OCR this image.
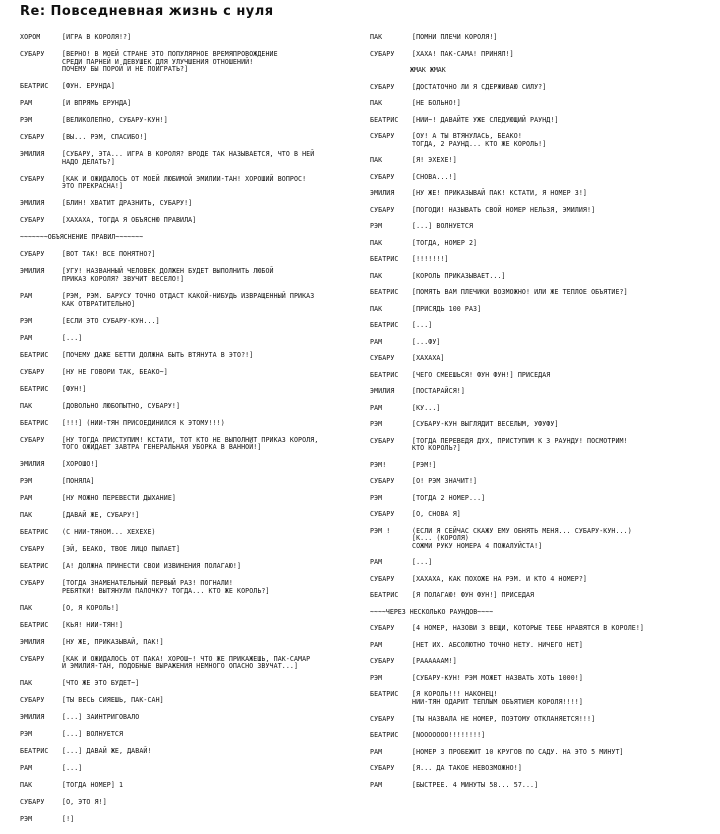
Re: Повседневная жизнь с нуля
ХОРОМ	[ИГРА В КОРОЛЯ!?]
СУБАРУ	[ВЕРНО! В МОЕЙ СТРАНЕ ЭТО ПОПУЛЯРНОЕ ВРЕМЯПРОВОЖДЕНИЕ
СРЕДИ ПАРНЕЙ И ДЕВУШЕК ДЛЯ УЛУЧШЕНИЯ ОТНОШЕНИЙ!
ПОЧЕМУ БЫ ПОРОЙ И НЕ ПОИГРАТЬ?]
БЕАТРИС [ФУН. ЕРУНДА]
РАМ	[И ВПРЯМЬ ЕРУНДА]
РЭМ	[ВЕЛИКОЛЕПНО, СУБАРУ-КУН!]
СУБАРУ	[ВЫ... РЭМ, СПАСИБО!]
ЭМИЛИЯ	[СУБАРУ, ЭТА... ИГРА В КОРОЛЯ? ВРОДЕ ТАК НАЗЫВАЕТСЯ, ЧТО В НЕЙ
НАДО ДЕЛАТЬ?]
СУБАРУ	[КАК И ОЖИДАЛОСЬ ОТ МОЕЙ ЛЮБИМОЙ ЭМИЛИИ-ТАН! ХОРОШИЙ ВОПРОС!
ЭТО ПРЕКРАСНА!]
ЭМИЛИЯ	[БЛИН! ХВАТИТ ДРАЗНИТЬ, СУБАРУ!]
СУБАРУ	[ХАХАХА, ТОГДА Я ОБЪЯСНЮ ПРАВИЛА]
~~~~~~~ОБЪЯСНЕНИЕ ПРАВИЛ~~~~~~~
СУБАРУ	[ВОТ ТАК! ВСЕ ПОНЯТНО?]
ЭМИЛИЯ	[УГУ! НАЗВАННЫЙ ЧЕЛОВЕК ДОЛЖЕН БУДЕТ ВЫПОЛНИТЬ ЛЮБОЙ
ПРИКАЗ КОРОЛЯ? ЗВУЧИТ ВЕСЕЛО!]
РАМ	[РЭМ, РЭМ. БАРУСУ ТОЧНО ОТДАСТ КАКОЙ-НИБУДЬ ИЗВРАЩЕННЫЙ ПРИКАЗ
КАК ОТВРАТИТЕЛЬНО]
РЭМ	[ЕСЛИ ЭТО СУБАРУ-КУН...]
РАМ	[...]
БЕАТРИС [ПОЧЕМУ ДАЖЕ БЕТТИ ДОЛЖНА БЫТЬ ВТЯНУТА В ЭТО?!]
СУБАРУ	[НУ НЕ ГОВОРИ ТАК, БЕАКО~]
БЕАТРИС [ФУН!]
ПАК	[ДОВОЛЬНО ЛЮБОПЫТНО, СУБАРУ!]
БЕАТРИС [!!!] (НИИ-ТЯН ПРИСОЕДИНИЛСЯ К ЭТОМУ!!!)
СУБАРУ	[НУ ТОГДА ПРИСТУПИМ! КСТАТИ, ТОТ КТО НЕ ВЫПОЛНИТ ПРИКАЗ КОРОЛЯ,
ТОГО ОЖИДАЕТ ЗАВТРА ГЕНЕРАЛЬНАЯ УБОРКА В ВАННОЙ!]
ЭМИЛИЯ	[ХОРОШО!]
РЭМ	[ПОНЯЛА]
РАМ	[НУ МОЖНО ПЕРЕВЕСТИ ДЫХАНИЕ]
ПАК	[ДАВАЙ ЖЕ, СУБАРУ!]
БЕАТРИС (С НИИ-ТЯНОМ... ХЕХЕХЕ)
СУБАРУ	[ЭЙ, БЕАКО, ТВОЕ ЛИЦО ПЫЛАЕТ]
БЕАТРИС [А! ДОЛЖНА ПРИНЕСТИ СВОИ ИЗВИНЕНИЯ ПОЛАГАЮ!]
СУБАРУ	[ТОГДА ЗНАМЕНАТЕЛЬНЫЙ ПЕРВЫЙ РАЗ! ПОГНАЛИ!
РЕБЯТКИ! ВЫТЯНУЛИ ПАЛОЧКУ? ТОГДА... КТО ЖЕ КОРОЛЬ?]
ПАК	[О, Я КОРОЛЬ!]
БЕАТРИС [КЬЯ! НИИ-ТЯН!]
ЭМИЛИЯ	[НУ ЖЕ, ПРИКАЗЫВАЙ, ПАК!]
СУБАРУ	[КАК И ОЖИДАЛОСЬ ОТ ПАКА! ХОРОШ~! ЧТО ЖЕ ПРИКАЖЕШЬ, ПАК-САМАР
И ЭМИЛИЯ-ТАН, ПОДОБНЫЕ ВЫРАЖЕНИЯ НЕМНОГО ОПАСНО ЗВУЧАТ...]
ПАК	[ЧТО ЖЕ ЭТО БУДЕТ~]
СУБАРУ	[ТЫ ВЕСЬ СИЯЕШЬ, ПАК-САН]
ЭМИЛИЯ	[...] ЗАИНТРИГОВАЛО
РЭМ	[...] ВОЛНУЕТСЯ
БЕАТРИС [...] ДАВАЙ ЖЕ, ДАВАЙ!
РАМ	[...]
ПАК	[ТОГДА НОМЕР] 1
СУБАРУ	[О, ЭТО Я!]
РЭМ	[!]
ПАК	[ПОМНИ ПЛЕЧИ КОРОЛЯ!]
СУБАРУ	[ХАХА! ПАК-САМА! ПРИНЯЛ!]
ЖМАК ЖМАК
СУБАРУ	[ДОСТАТОЧНО ЛИ Я СДЕРЖИВАЮ СИЛУ?]
ПАК	[НЕ БОЛЬНО!]
БЕАТРИС [НИИ~! ДАВАЙТЕ УЖЕ СЛЕДУЮЩИЙ РАУНД!]
СУБАРУ	[ОУ! А ТЫ ВТЯНУЛАСЬ, БЕАКО!
ТОГДА, 2 РАУНД... КТО ЖЕ КОРОЛЬ!]
ПАК	[Я! ЭХЕХЕ!]
СУБАРУ	[СНОВА...!]
ЭМИЛИЯ	[НУ ЖЕ! ПРИКАЗЫВАЙ ПАК! КСТАТИ, Я НОМЕР 3!]
СУБАРУ	[ПОГОДИ! НАЗЫВАТЬ СВОЙ НОМЕР НЕЛЬЗЯ, ЭМИЛИЯ!]
РЭМ	[...] ВОЛНУЕТСЯ
ПАК	[ТОГДА, НОМЕР 2]
БЕАТРИС [!!!!!!!]
ПАК	[КОРОЛЬ ПРИКАЗЫВАЕТ...]
БЕАТРИС [ПОМЯТЬ ВАМ ПЛЕЧИКИ ВОЗМОЖНО! ИЛИ ЖЕ ТЕПЛОЕ ОБЪЯТИЕ?]
ПАК	[ПРИСЯДЬ 100 РАЗ]
БЕАТРИС [...]
РАМ	[...ФУ]
СУБАРУ	[ХАХАХА]
БЕАТРИС [ЧЕГО СМЕЕШЬСЯ! ФУН ФУН!] ПРИСЕДАЯ
ЭМИЛИЯ	[ПОСТАРАЙСЯ!]
РАМ	[КУ...]
РЭМ	[СУБАРУ-КУН ВЫГЛЯДИТ ВЕСЕЛЫМ, УФУФУ]
СУБАРУ	[ТОГДА ПЕРЕВЕДЯ ДУХ, ПРИСТУПИМ К 3 РАУНДУ! ПОСМОТРИМ!
КТО КОРОЛЬ?]
РЭМ!	[РЭМ!]
СУБАРУ	[О! РЭМ ЗНАЧИТ!]
РЭМ	[ТОГДА 2 НОМЕР...]
СУБАРУ	[О, СНОВА Я]
РЭМ !	(ЕСЛИ Я СЕЙЧАС СКАЖУ ЕМУ ОБНЯТЬ МЕНЯ... СУБАРУ-КУН...)
[К... (КОРОЛЯ)
СОЖМИ РУКУ НОМЕРА 4 ПОЖАЛУЙСТА!]
РАМ	[...]
СУБАРУ	[ХАХАХА, КАК ПОХОЖЕ НА РЭМ. И КТО 4 НОМЕР?]
БЕАТРИС [Я ПОЛАГАЮ! ФУН ФУН!] ПРИСЕДАЯ
~~~~ЧЕРЕЗ НЕСКОЛЬКО РАУНДОВ~~~~
СУБАРУ	[4 НОМЕР, НАЗОВИ 3 ВЕЩИ, КОТОРЫЕ ТЕБЕ НРАВЯТСЯ В КОРОЛЕ!]
РАМ	[НЕТ ИХ. АБСОЛЮТНО ТОЧНО НЕТУ. НИЧЕГО НЕТ]
СУБАРУ	[РААААААМ!]
РЭМ	[СУБАРУ-КУН! РЭМ МОЖЕТ НАЗВАТЬ ХОТЬ 1000!]
БЕАТРИС [Я КОРОЛЬ!!! НАКОНЕЦ!
НИИ-ТЯН ОДАРИТ ТЕПЛЫМ ОБЪЯТИЕМ КОРОЛЯ!!!!]
СУБАРУ	[ТЫ НАЗВАЛА НЕ НОМЕР, ПОЭТОМУ ОТКЛАНЯЕТСЯ!!!]
БЕАТРИС [NOOOOOOO!!!!!!!!]
РАМ	[НОМЕР 3 ПРОБЕЖИТ 10 КРУГОВ ПО САДУ. НА ЭТО 5 МИНУТ]
СУБАРУ	[Я... ДА ТАКОЕ НЕВОЗМОЖНО!]
РАМ	[БЫСТРЕЕ. 4 МИНУТЫ 58... 57...]
